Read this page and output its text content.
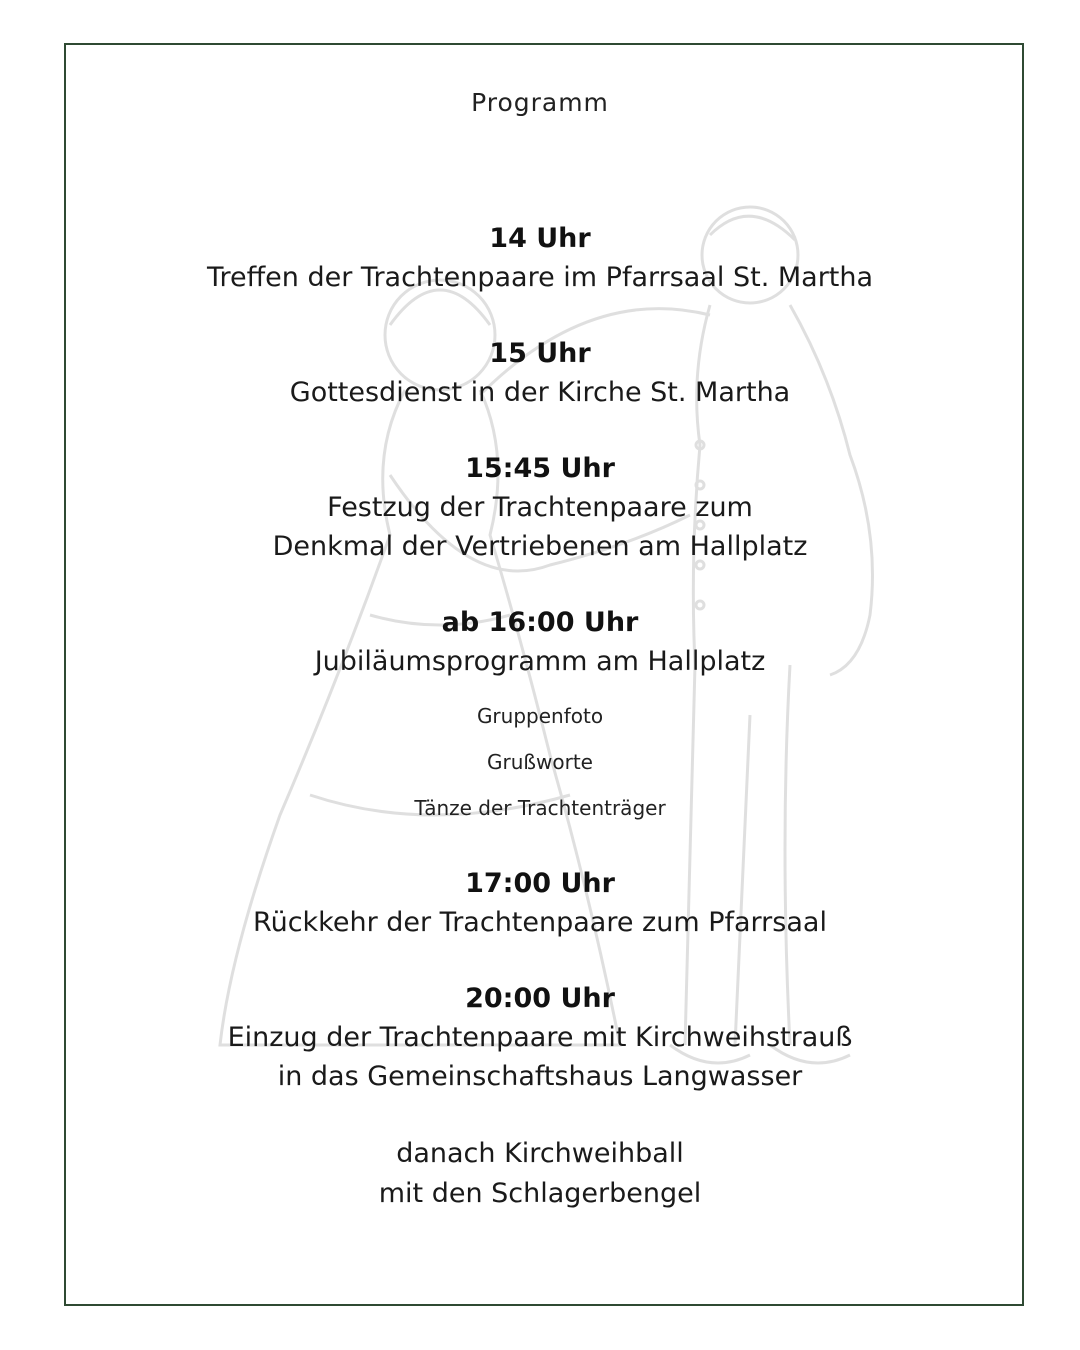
Programm
14 Uhr
Treffen der Trachtenpaare im Pfarrsaal St. Martha
15 Uhr
Gottesdienst in der Kirche St. Martha
15:45 Uhr
Festzug der Trachtenpaare zum
Denkmal der Vertriebenen am Hallplatz
ab 16:00 Uhr
Jubiläumsprogramm am Hallplatz
Gruppenfoto
Grußworte
Tänze der Trachtenträger
17:00 Uhr
Rückkehr der Trachtenpaare zum Pfarrsaal
20:00 Uhr
Einzug der Trachtenpaare mit Kirchweihstrauß
in das Gemeinschaftshaus Langwasser
danach Kirchweihball
mit den Schlagerbengel
